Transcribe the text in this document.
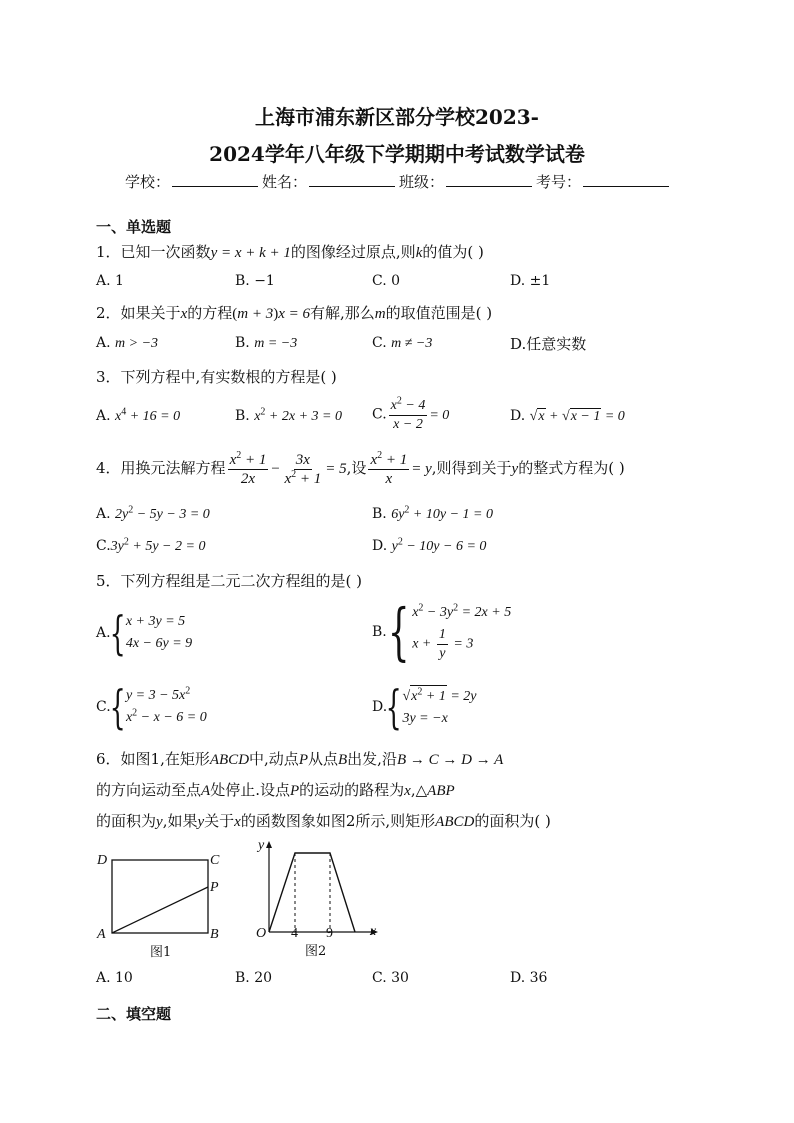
上海市浦东新区部分学校2023-
2024学年八年级下学期期中考试数学试卷
学校：	姓名：	班级：	考号：
一、单选题
1．已知一次函数y = x + k + 1的图像经过原点,则k的值为( )
A. 1	B. −1	C. 0	D. ±1
2．如果关于x的方程(m + 3)x = 6有解,那么m的取值范围是( )
A. m > −3	B. m = −3	C. m ≠ −3	D.任意实数
3．下列方程中,有实数根的方程是( )
A. $x^4 + 16 = 0$	B. $x^2 + 2x + 3 = 0$ C. $\frac{x^2 - 4}{x - 2} = 0$	D. √x + √x − 1 = 0
4．用换元法解方程 $\frac{x^2 + 1}{2x} - \frac{3x}{x^2 + 1} = 5$,设 $\frac{x^2 + 1}{x} = y$,则得到关于y的整式方程为( )
A. $2y^2 - 5y - 3 = 0$	B. $6y^2 + 10y - 1 = 0$
$C.3y^2 + 5y - 2 = 0$	D. $y^2 - 10y - 6 = 0$
5．下列方程组是二元二次方程组的是( )
A.
{ x + 3y = 5
4x − 6y = 9
B. { $x^2 - 3y^2 = 2x + 5$
$x + \frac{1}{y} = 3$
C.
{ $y = 3 - 5x^2$
$x^2 - x - 6 = 0$
D.
{ $√x^2 + 1 = 2y$
3y = −x
6．如图1,在矩形ABCD中,动点P从点B出发,沿B → C → D → A
的方向运动至点A处停止.设点P的运动的路程为x,△ABP
的面积为y,如果y关于x的函数图象如图2所示,则矩形ABCD的面积为( )
D	C
P
A	B
图1
y
x
O 4 9
图2
A. 10	B. 20	C. 30	D. 36
二、填空题
